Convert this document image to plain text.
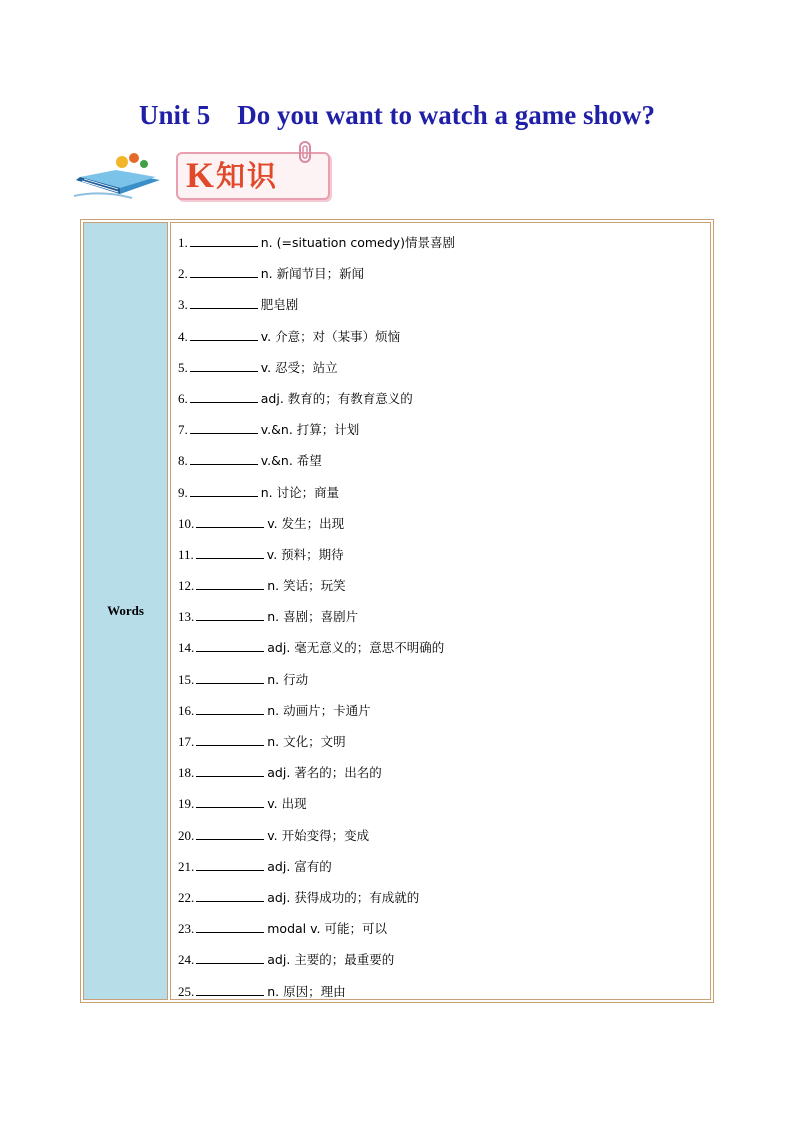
Unit 5    Do you want to watch a game show?
K 知识
Words
1.	n. (=situation comedy)情景喜剧
2.	n. 新闻节目；新闻
3.	肥皂剧
4.	v. 介意；对（某事）烦恼
5.	v. 忍受；站立
6.	adj. 教育的；有教育意义的
7.	v.&n. 打算；计划
8.	v.&n. 希望
9.	n. 讨论；商量
10.	v. 发生；出现
11.	v. 预料；期待
12.	n. 笑话；玩笑
13.	n. 喜剧；喜剧片
14.	adj. 毫无意义的；意思不明确的
15.	n. 行动
16.	n. 动画片；卡通片
17.	n. 文化；文明
18.	adj. 著名的；出名的
19.	v. 出现
20.	v. 开始变得；变成
21.	adj. 富有的
22.	adj. 获得成功的；有成就的
23.	modal v. 可能；可以
24.	adj. 主要的；最重要的
25.	n. 原因；理由
